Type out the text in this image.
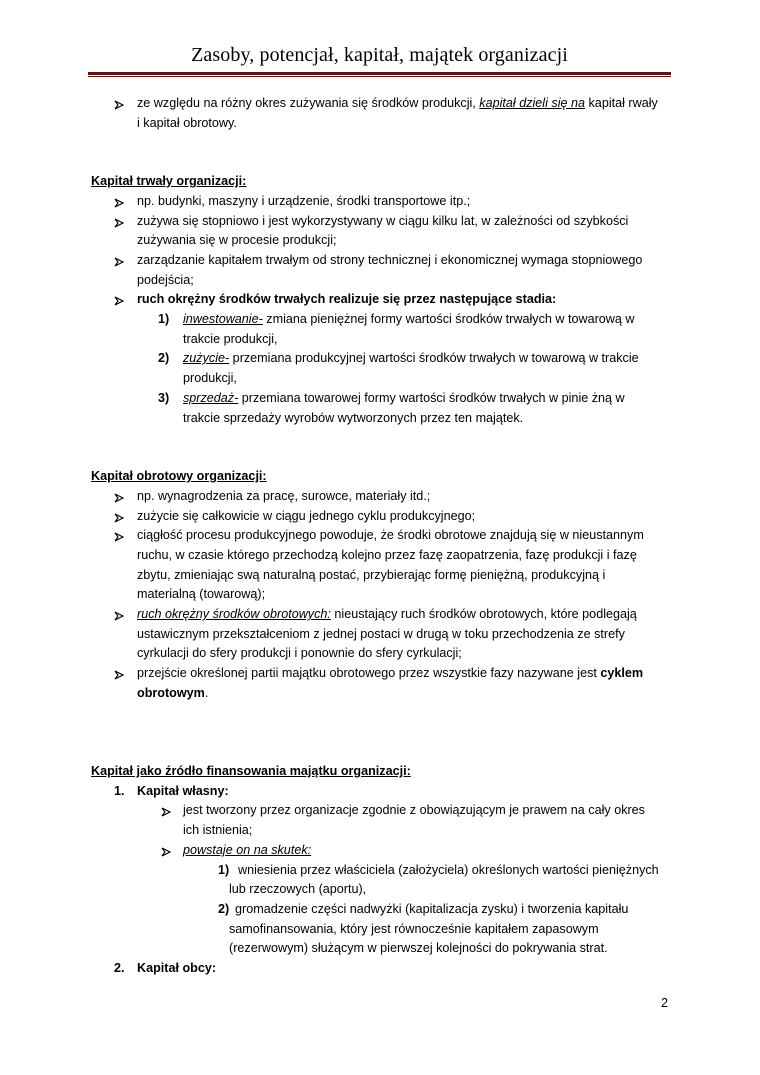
Zasoby, potencjał, kapitał, majątek organizacji
ze względu na różny okres zużywania się środków produkcji, kapitał dzieli się na kapitał rwały
i kapitał obrotowy.
Kapitał trwały organizacji:
np. budynki, maszyny i urządzenie, środki transportowe itp.;
zużywa się stopniowo i jest wykorzystywany w ciągu kilku lat, w zależności od szybkości
zużywania się w procesie produkcji;
zarządzanie kapitałem trwałym od strony technicznej i ekonomicznej wymaga stopniowego
podejścia;
ruch okrężny środków trwałych realizuje się przez następujące stadia:
1) inwestowanie- zmiana pieniężnej formy wartości środków trwałych w towarową w
trakcie produkcji,
2) zużycie- przemiana produkcyjnej wartości środków trwałych w towarową w trakcie
produkcji,
3) sprzedaż- przemiana towarowej formy wartości środków trwałych w pinie żną w
trakcie sprzedaży wyrobów wytworzonych przez ten majątek.
Kapitał obrotowy organizacji:
np. wynagrodzenia za pracę, surowce, materiały itd.;
zużycie się całkowicie w ciągu jednego cyklu produkcyjnego;
ciągłość procesu produkcyjnego powoduje, że środki obrotowe znajdują się w nieustannym
ruchu, w czasie którego przechodzą kolejno przez fazę zaopatrzenia, fazę produkcji i fazę
zbytu, zmieniając swą naturalną postać, przybierając formę pieniężną, produkcyjną i
materialną (towarową);
ruch okrężny środków obrotowych: nieustający ruch środków obrotowych, które podlegają
ustawicznym przekształceniom z jednej postaci w drugą w toku przechodzenia ze strefy
cyrkulacji do sfery produkcji i ponownie do sfery cyrkulacji;
przejście określonej partii majątku obrotowego przez wszystkie fazy nazywane jest cyklem
obrotowym.
Kapitał jako źródło finansowania majątku organizacji:
1. Kapitał własny:
jest tworzony przez organizacje zgodnie z obowiązującym je prawem na cały okres
ich istnienia;
powstaje on na skutek:
1) wniesienia przez właściciela (założyciela) określonych wartości pieniężnych
lub rzeczowych (aportu),
2) gromadzenie części nadwyżki (kapitalizacja zysku) i tworzenia kapitału
samofinansowania, który jest równocześnie kapitałem zapasowym
(rezerwowym) służącym w pierwszej kolejności do pokrywania strat.
2. Kapitał obcy:
2
